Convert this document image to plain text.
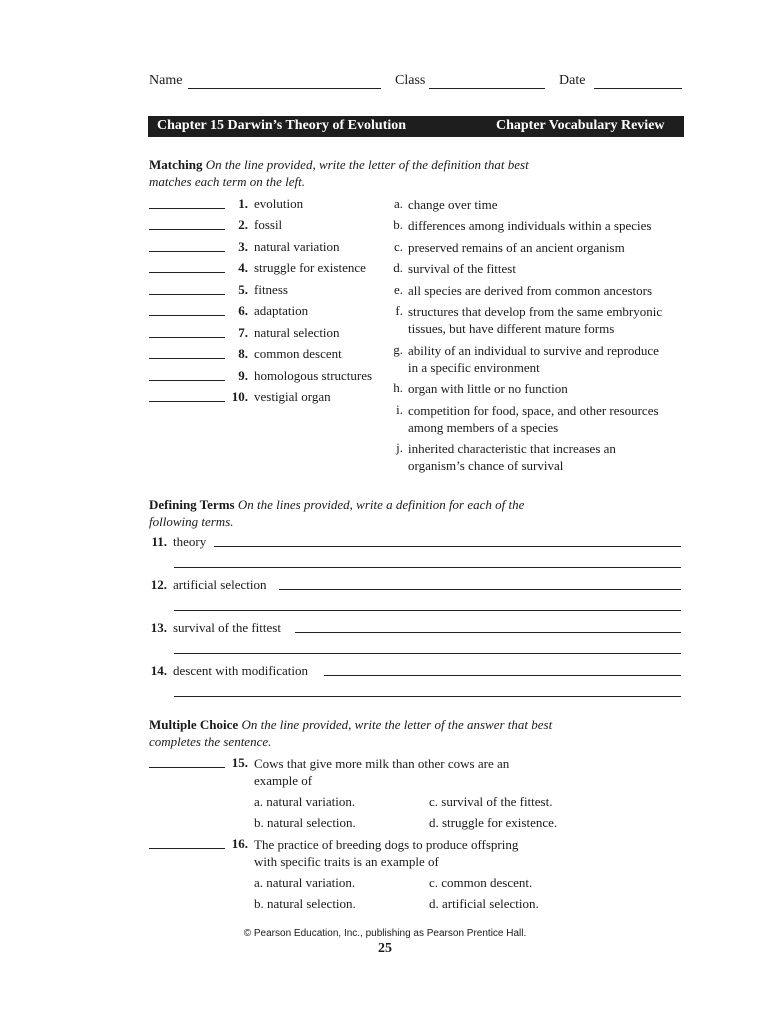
Name	Class	Date
Chapter 15 Darwin’s Theory of Evolution	Chapter Vocabulary Review
Matching On the line provided, write the letter of the definition that best
matches each term on the left.
1. evolution
2. fossil
3. natural variation
4. struggle for existence
5. fitness
6. adaptation
7. natural selection
8. common descent
9. homologous structures
10. vestigial organ
a. change over time
b. differences among individuals within a species
c. preserved remains of an ancient organism
d. survival of the fittest
e. all species are derived from common ancestors
f. structures that develop from the same embryonic
tissues, but have different mature forms
g. ability of an individual to survive and reproduce
in a specific environment
h. organ with little or no function
i. competition for food, space, and other resources
among members of a species
j. inherited characteristic that increases an
organism’s chance of survival
Defining Terms On the lines provided, write a definition for each of the
following terms.
11. theory
12. artificial selection
13. survival of the fittest
14. descent with modification
Multiple Choice On the line provided, write the letter of the answer that best
completes the sentence.
15. Cows that give more milk than other cows are an
example of
a. natural variation.
b. natural selection.
c. survival of the fittest.
d. struggle for existence.
16. The practice of breeding dogs to produce offspring
with specific traits is an example of
a. natural variation.
b. natural selection.
c. common descent.
d. artificial selection.
© Pearson Education, Inc., publishing as Pearson Prentice Hall.
25
